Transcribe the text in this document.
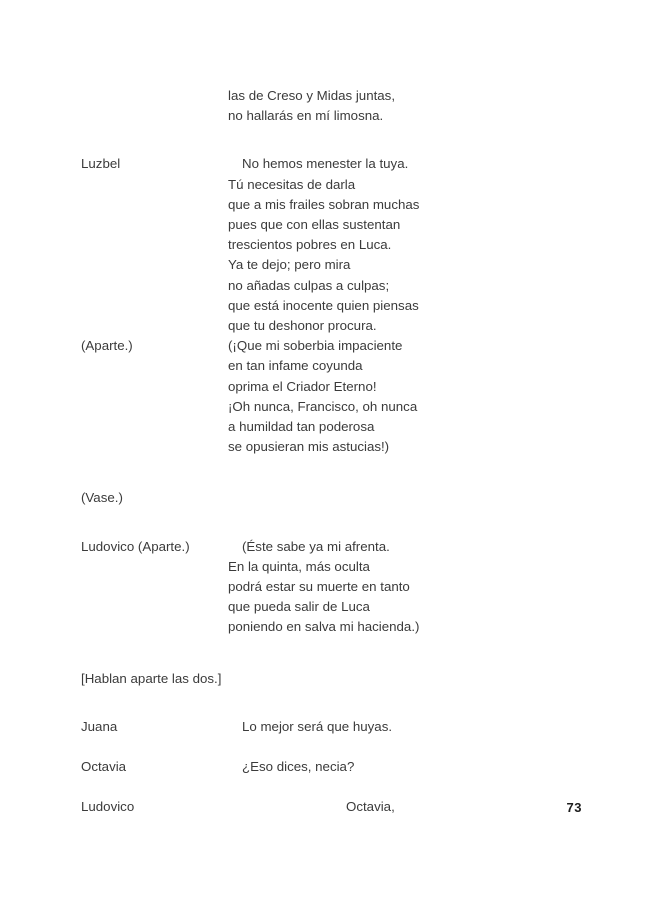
las de Creso y Midas juntas,
no hallarás en mí limosna.
Luzbel	No hemos menester la tuya.
Tú necesitas de darla
que a mis frailes sobran muchas
pues que con ellas sustentan
trescientos pobres en Luca.
Ya te dejo; pero mira
no añadas culpas a culpas;
que está inocente quien piensas
que tu deshonor procura.
(Aparte.)	(¡Que mi soberbia impaciente
en tan infame coyunda
oprima el Criador Eterno!
¡Oh nunca, Francisco, oh nunca
a humildad tan poderosa
se opusieran mis astucias!)
(Vase.)
Ludovico (Aparte.)	(Éste sabe ya mi afrenta.
En la quinta, más oculta
podrá estar su muerte en tanto
que pueda salir de Luca
poniendo en salva mi hacienda.)
[Hablan aparte las dos.]
Juana	Lo mejor será que huyas.
Octavia	¿Eso dices, necia?
Ludovico	Octavia,	73
